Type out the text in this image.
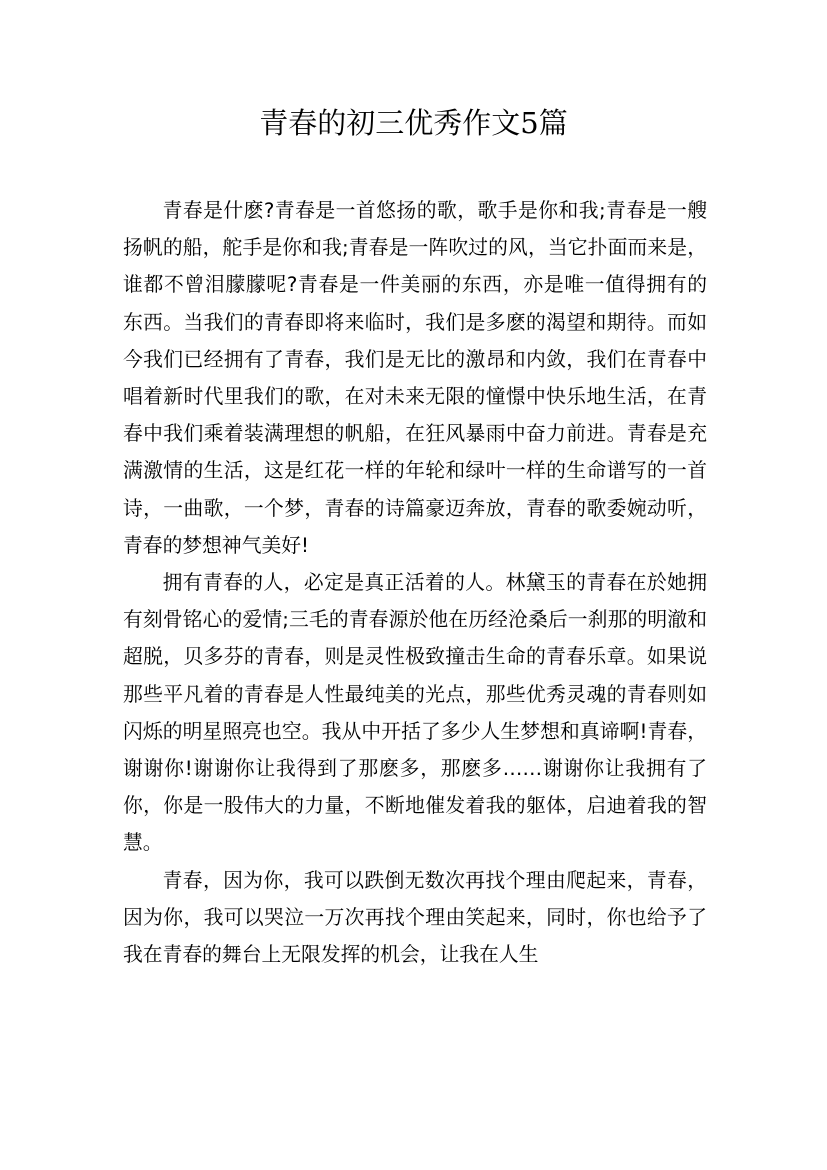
青春的初三优秀作文5篇

青春是什麽?青春是一首悠扬的歌，歌手是你和我;青春是一艘扬帆的船，舵手是你和我;青春是一阵吹过的风，当它扑面而来是，谁都不曾泪朦朦呢?青春是一件美丽的东西，亦是唯一值得拥有的东西。当我们的青春即将来临时，我们是多麽的渴望和期待。而如今我们已经拥有了青春，我们是无比的激昂和内敛，我们在青春中唱着新时代里我们的歌，在对未来无限的憧憬中快乐地生活，在青春中我们乘着装满理想的帆船，在狂风暴雨中奋力前进。青春是充满激情的生活，这是红花一样的年轮和绿叶一样的生命谱写的一首诗，一曲歌，一个梦，青春的诗篇豪迈奔放，青春的歌委婉动听，青春的梦想神气美好!

拥有青春的人，必定是真正活着的人。林黛玉的青春在於她拥有刻骨铭心的爱情;三毛的青春源於他在历经沧桑后一刹那的明澈和超脱，贝多芬的青春，则是灵性极致撞击生命的青春乐章。如果说那些平凡着的青春是人性最纯美的光点，那些优秀灵魂的青春则如闪烁的明星照亮也空。我从中开括了多少人生梦想和真谛啊!青春，谢谢你!谢谢你让我得到了那麽多，那麽多……谢谢你让我拥有了你，你是一股伟大的力量，不断地催发着我的躯体，启迪着我的智慧。

青春，因为你，我可以跌倒无数次再找个理由爬起来，青春，因为你，我可以哭泣一万次再找个理由笑起来，同时，你也给予了我在青春的舞台上无限发挥的机会，让我在人生
